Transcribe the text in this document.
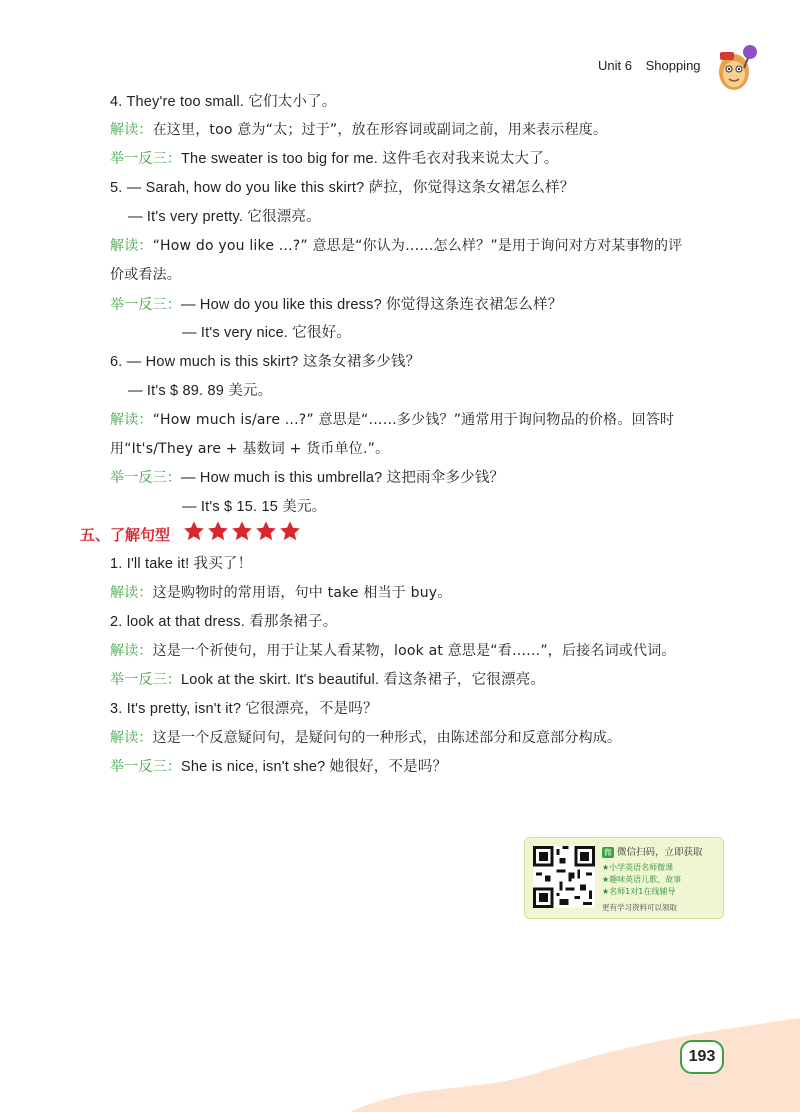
Unit 6 Shopping
4. They're too small. 它们太小了。
解读：在这里，too 意为“太；过于”，放在形容词或副词之前，用来表示程度。
举一反三：The sweater is too big for me. 这件毛衣对我来说太大了。
5. — Sarah, how do you like this skirt? 萨拉，你觉得这条女裙怎么样？
— It's very pretty. 它很漂亮。
解读：“How do you like ...?” 意思是“你认为……怎么样？”是用于询问对方对某事物的评
价或看法。
举一反三：— How do you like this dress? 你觉得这条连衣裙怎么样？
— It's very nice. 它很好。
6. — How much is this skirt? 这条女裙多少钱？
— It's $ 89. 89 美元。
解读：“How much is/are ...?” 意思是“……多少钱？”通常用于询问物品的价格。回答时
用“It's/They are + 基数词 + 货币单位.”。
举一反三：— How much is this umbrella? 这把雨伞多少钱？
— It's $ 15. 15 美元。
五、了解句型
1. I'll take it! 我买了！
解读：这是购物时的常用语，句中 take 相当于 buy。
2. look at that dress. 看那条裙子。
解读：这是一个祈使句，用于让某人看某物，look at 意思是“看……”，后接名词或代词。
举一反三：Look at the skirt. It's beautiful. 看这条裙子，它很漂亮。
3. It's pretty, isn't it? 它很漂亮，不是吗？
解读：这是一个反意疑问句，是疑问句的一种形式，由陈述部分和反意部分构成。
举一反三：She is nice, isn't she? 她很好，不是吗？
微 微信扫码，立即获取
★小学英语名师微课
★趣味英语儿歌、故事
★名师1对1在线辅导
更有学习资料可以领取
193
